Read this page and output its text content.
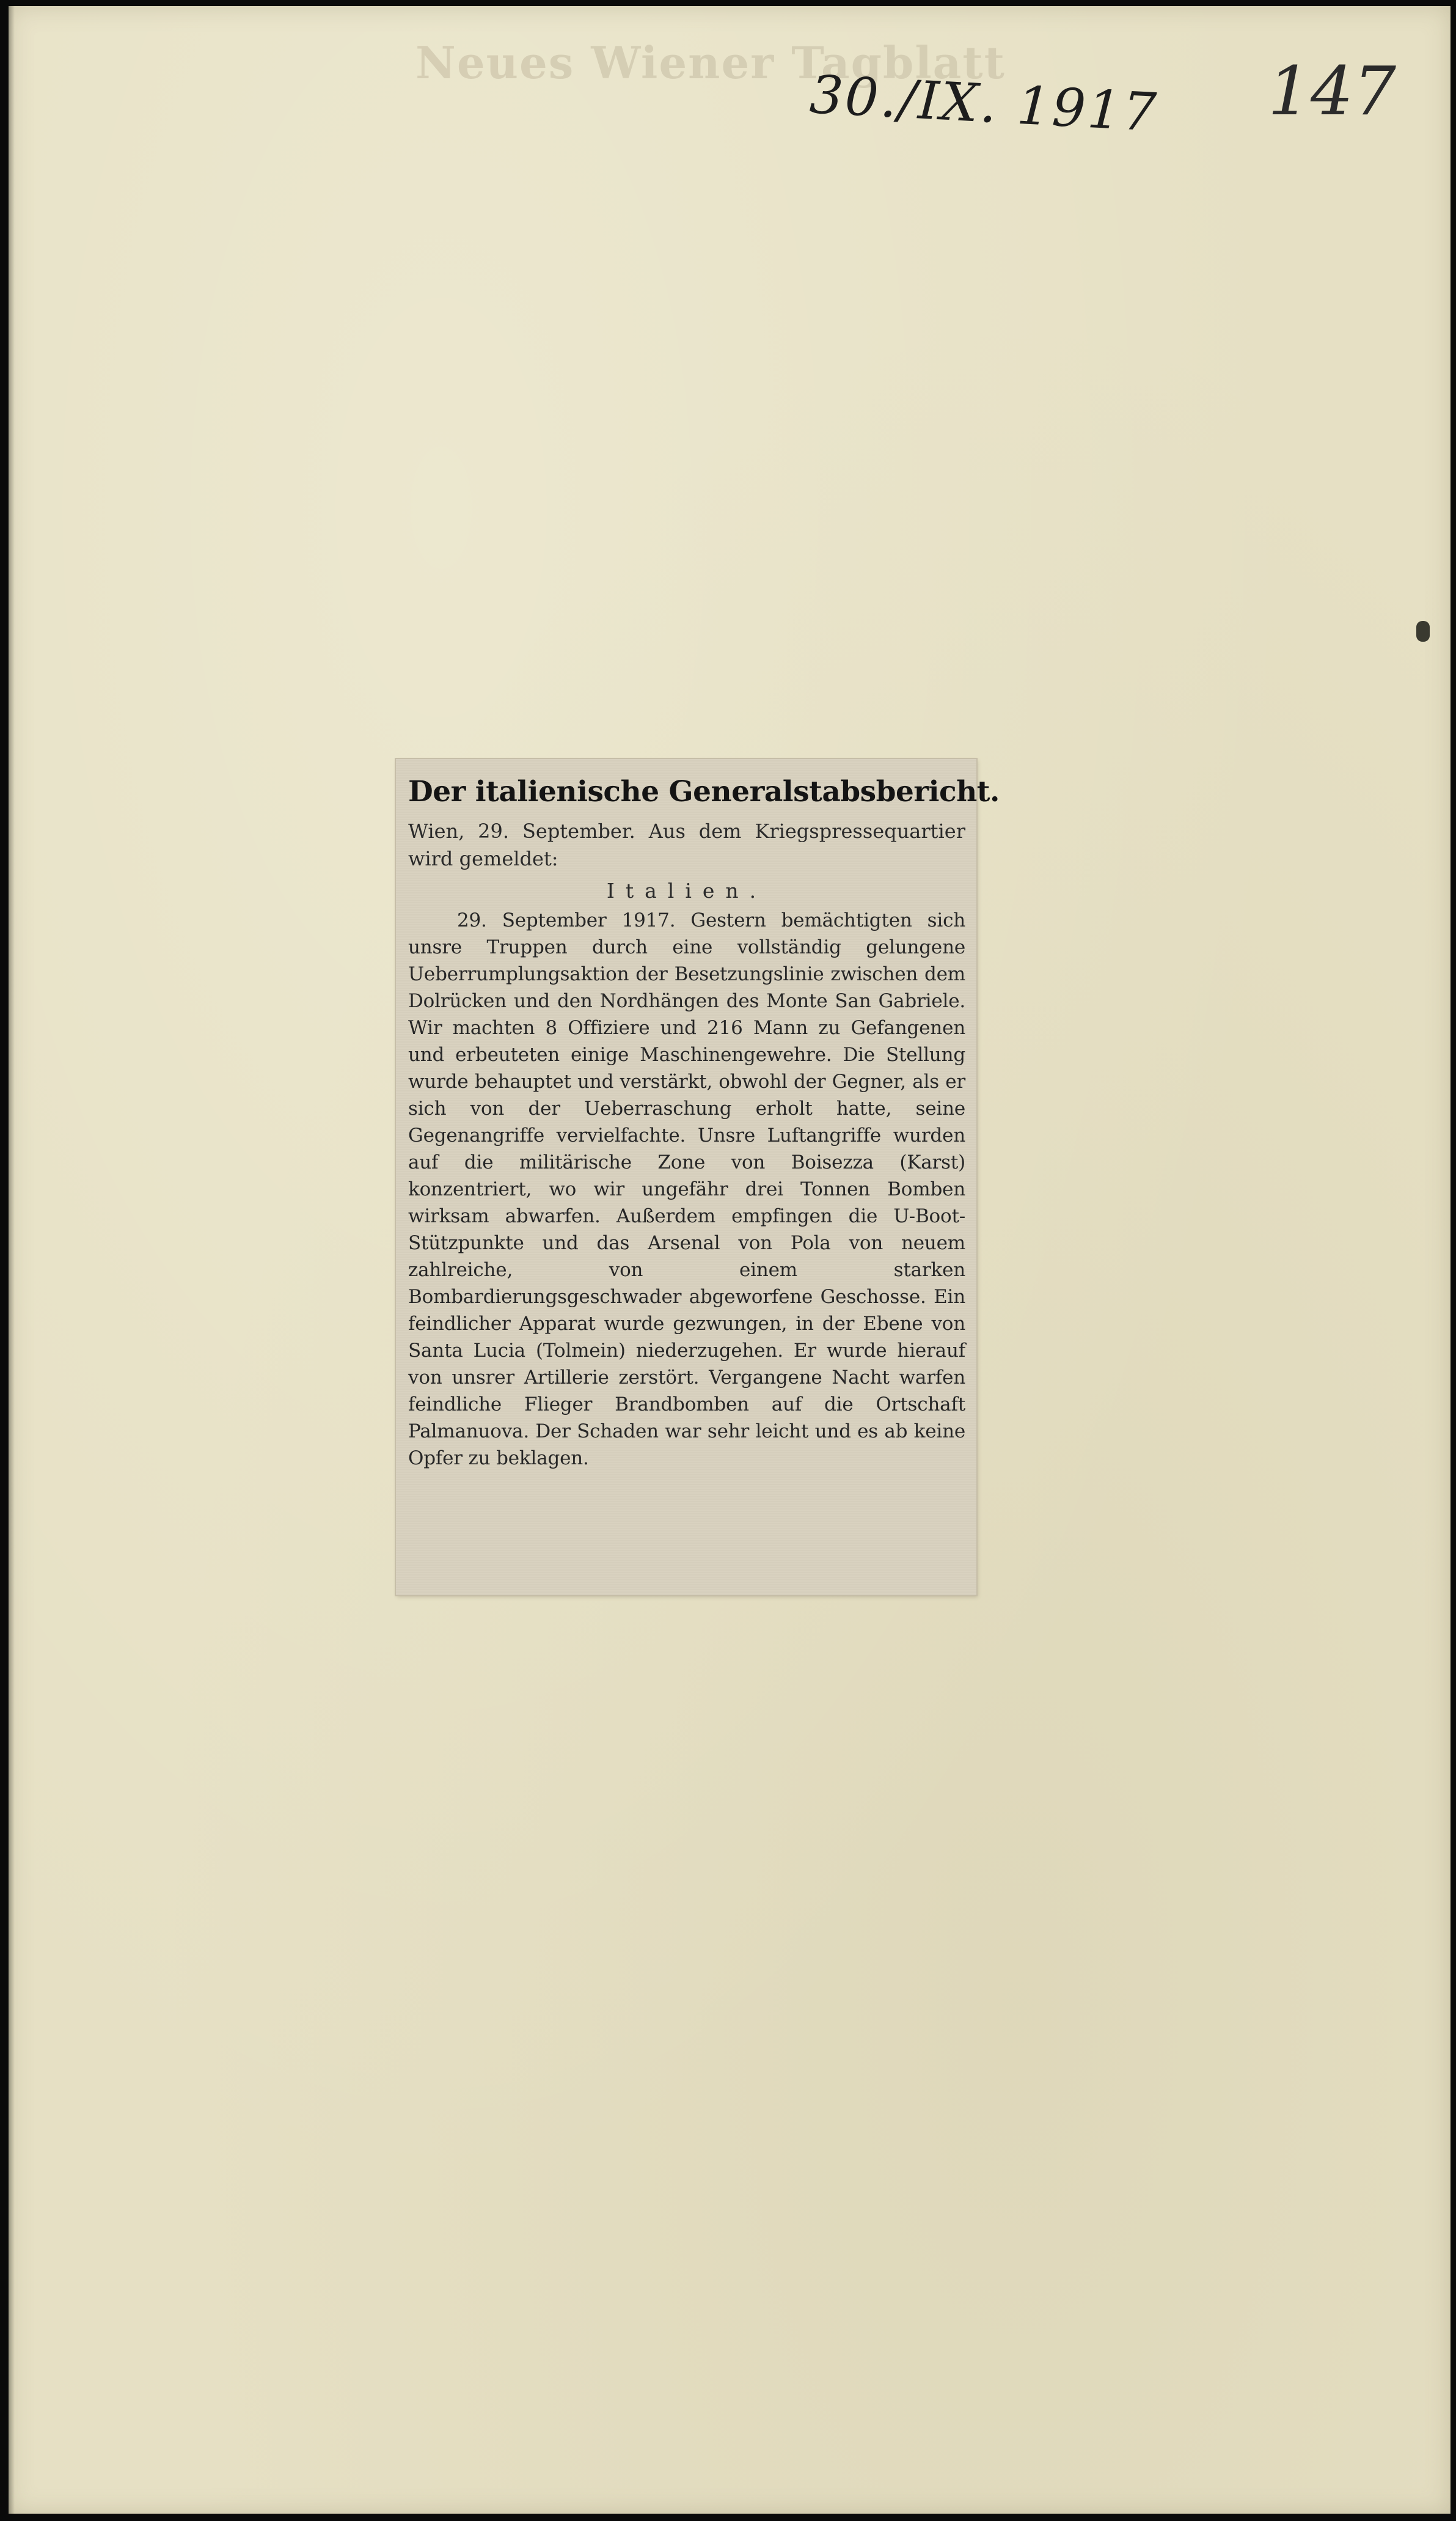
Neues Wiener Tagblatt
30./IX. 1917 147
Der italienische Generalstabsbericht.

Wien, 29. September. Aus dem Kriegspressequartier wird gemeldet:

Italien.

29. September 1917. Gestern bemächtigten sich unsre Truppen durch eine vollständig gelungene Ueberrumplungsaktion der Besetzungslinie zwischen dem Dolrücken und den Nordhängen des Monte San Gabriele. Wir machten 8 Offiziere und 216 Mann zu Gefangenen und erbeuteten einige Maschinengewehre. Die Stellung wurde behauptet und verstärkt, obwohl der Gegner, als er sich von der Ueberraschung erholt hatte, seine Gegenangriffe vervielfachte. Unsre Luftangriffe wurden auf die militärische Zone von Boisezza (Karst) konzentriert, wo wir ungefähr drei Tonnen Bomben wirksam abwarfen. Außerdem empfingen die U-Boot-Stützpunkte und das Arsenal von Pola von neuem zahlreiche, von einem starken Bombardierungsgeschwader abgeworfene Geschosse. Ein feindlicher Apparat wurde gezwungen, in der Ebene von Santa Lucia (Tolmein) niederzugehen. Er wurde hierauf von unsrer Artillerie zerstört. Vergangene Nacht warfen feindliche Flieger Brandbomben auf die Ortschaft Palmanuova. Der Schaden war sehr leicht und es ab keine Opfer zu beklagen.
